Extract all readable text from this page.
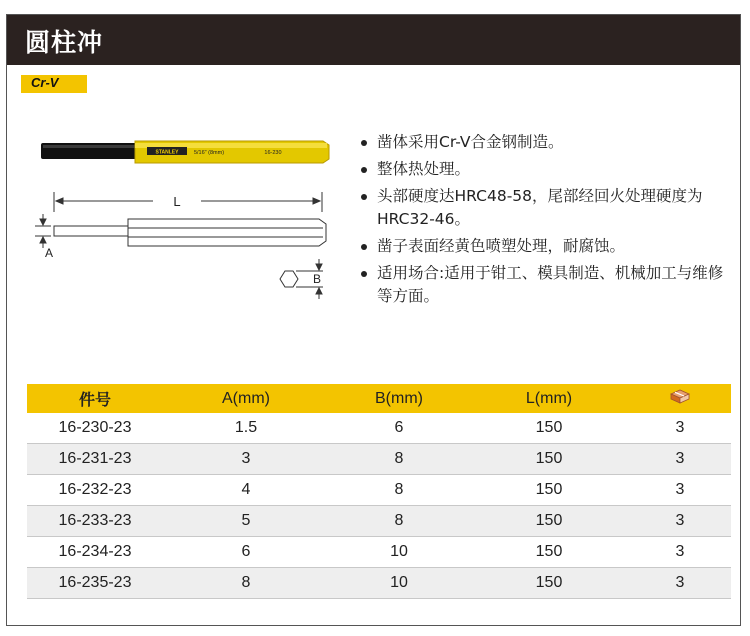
圆柱冲
Cr-V
STANLEY	5/16" (8mm)	16-230
L
A
B
凿体采用Cr-V合金钢制造。
整体热处理。
头部硬度达HRC48-58，尾部经回火处理硬度为HRC32-46。
凿子表面经黄色喷塑处理，耐腐蚀。
适用场合:适用于钳工、模具制造、机械加工与维修等方面。
件号	A(mm)	B(mm)	L(mm)	
16-230-23	1.5	6	150	3
16-231-23	3	8	150	3
16-232-23	4	8	150	3
16-233-23	5	8	150	3
16-234-23	6	10	150	3
16-235-23	8	10	150	3
